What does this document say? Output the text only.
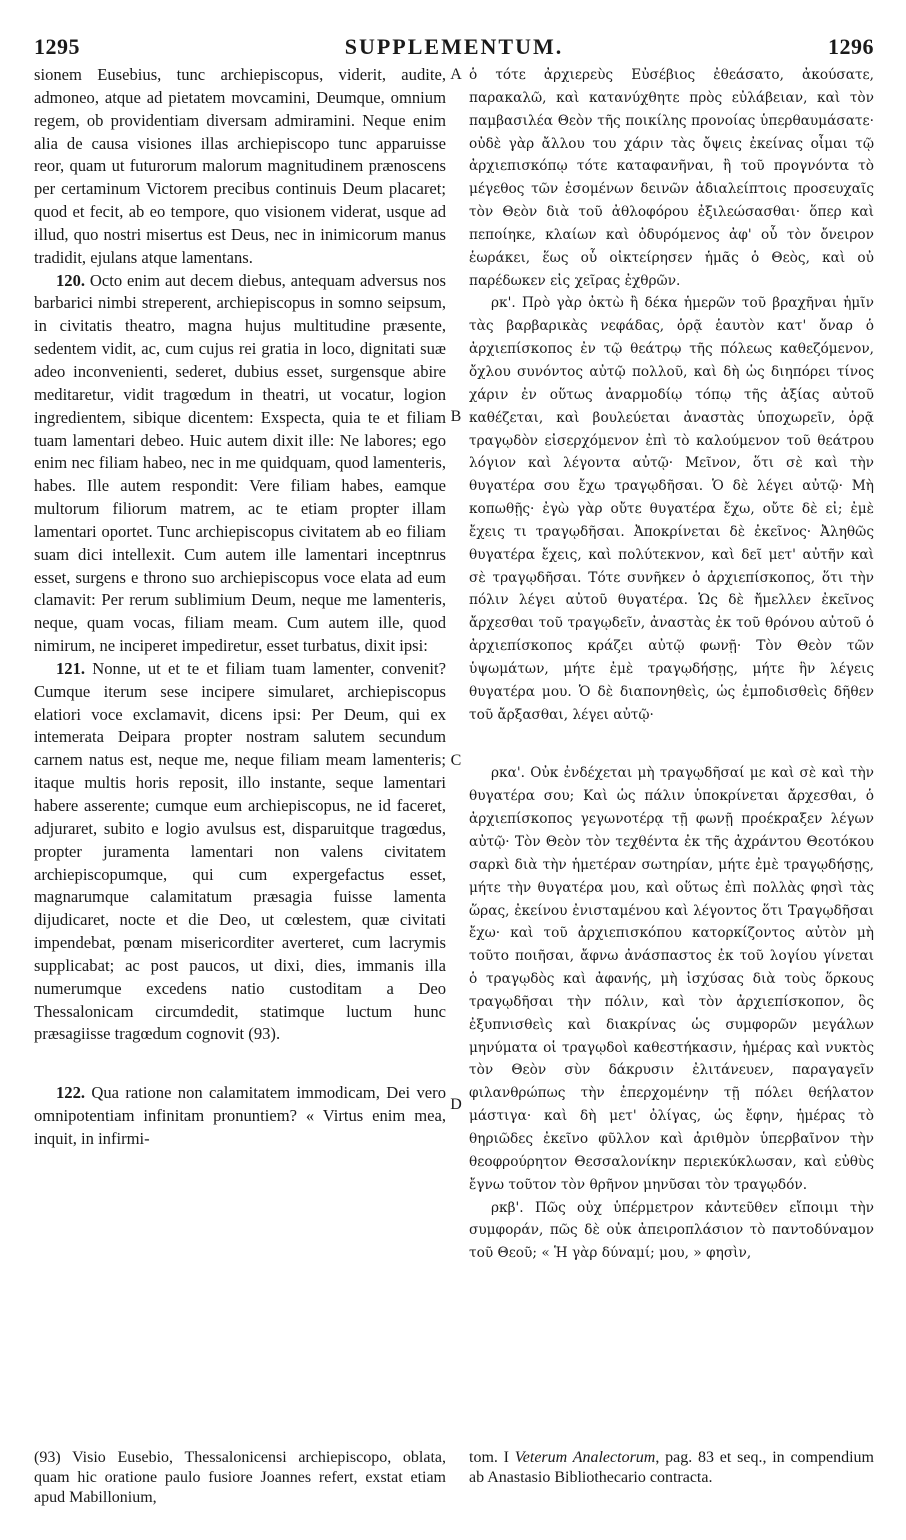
1295	SUPPLEMENTUM.	1296

sionem Eusebius, tunc archiepiscopus, viderit, audite, admoneo, atque ad pietatem movcamini, Deumque, omnium regem, ob providentiam diversam admiramini. Neque enim alia de causa visiones illas archiepiscopo tunc apparuisse reor, quam ut futurorum malorum magnitudinem prænoscens per certaminum Victorem precibus continuis Deum placaret; quod et fecit, ab eo tempore, quo visionem viderat, usque ad illud, quo nostri misertus est Deus, nec in inimicorum manus tradidit, ejulans atque lamentans.

120. Octo enim aut decem diebus, antequam adversus nos barbarici nimbi streperent, archiepiscopus in somno seipsum, in civitatis theatro, magna hujus multitudine præsente, sedentem vidit, ac, cum cujus rei gratia in loco, dignitati suæ adeo inconvenienti, sederet, dubius esset, surgensque abire meditaretur, vidit tragœdum in theatri, ut vocatur, logion ingredientem, sibique dicentem: Exspecta, quia te et filiam tuam lamentari debeo. Huic autem dixit ille: Ne labores; ego enim nec filiam habeo, nec in me quidquam, quod lamenteris, habes. Ille autem respondit: Vere filiam habes, eamque multorum filiorum matrem, ac te etiam propter illam lamentari oportet. Tunc archiepiscopus civitatem ab eo filiam suam dici intellexit. Cum autem ille lamentari inceptnrus esset, surgens e throno suo archiepiscopus voce elata ad eum clamavit: Per rerum sublimium Deum, neque me lamenteris, neque, quam vocas, filiam meam. Cum autem ille, quod nimirum, ne inciperet impediretur, esset turbatus, dixit ipsi:

121. Nonne, ut et te et filiam tuam lamenter, convenit? Cumque iterum sese incipere simularet, archiepiscopus elatiori voce exclamavit, dicens ipsi: Per Deum, qui ex intemerata Deipara propter nostram salutem secundum carnem natus est, neque me, neque filiam meam lamenteris; itaque multis horis reposit, illo instante, seque lamentari habere asserente; cumque eum archiepiscopus, ne id faceret, adjuraret, subito e logio avulsus est, disparuitque tragœdus, propter juramenta lamentari non valens civitatem archiepiscopumque, qui cum expergefactus esset, magnarumque calamitatum præsagia fuisse lamenta dijudicaret, nocte et die Deo, ut cœlestem, quæ civitati impendebat, pœnam misericorditer averteret, cum lacrymis supplicabat; ac post paucos, ut dixi, dies, immanis illa numerumque excedens natio custoditam a Deo Thessalonicam circumdedit, statimque luctum hunc præsagiisse tragœdum cognovit (93).

122. Qua ratione non calamitatem immodicam, Dei vero omnipotentiam infinitam pronuntiem? « Virtus enim mea, inquit, in infirmi-

A
B
C
D

ὁ τότε ἀρχιερεὺς Εὐσέβιος ἐθεάσατο, ἀκούσατε, παρακαλῶ, καὶ κατανύχθητε πρὸς εὐλάβειαν, καὶ τὸν παμβασιλέα Θεὸν τῆς ποικίλης προνοίας ὑπερθαυμάσατε· οὐδὲ γὰρ ἄλλου του χάριν τὰς ὄψεις ἐκείνας οἶμαι τῷ ἀρχιεπισκόπῳ τότε καταφανῆναι, ἢ τοῦ προγνόντα τὸ μέγεθος τῶν ἐσομένων δεινῶν ἀδιαλείπτοις προσευχαῖς τὸν Θεὸν διὰ τοῦ ἀθλοφόρου ἐξιλεώσασθαι· ὅπερ καὶ πεποίηκε, κλαίων καὶ ὀδυρόμενος ἀφ' οὗ τὸν ὄνειρον ἑωράκει, ἕως οὗ οἰκτείρησεν ἡμᾶς ὁ Θεὸς, καὶ οὐ παρέδωκεν εἰς χεῖρας ἐχθρῶν.

ρκ'. Πρὸ γὰρ ὀκτὼ ἢ δέκα ἡμερῶν τοῦ βραχῆναι ἡμῖν τὰς βαρβαρικὰς νεφάδας, ὁρᾷ ἑαυτὸν κατ' ὄναρ ὁ ἀρχιεπίσκοπος ἐν τῷ θεάτρῳ τῆς πόλεως καθεζόμενον, ὄχλου συνόντος αὐτῷ πολλοῦ, καὶ δὴ ὡς διηπόρει τίνος χάριν ἐν οὕτως ἀναρμοδίῳ τόπῳ τῆς ἀξίας αὐτοῦ καθέζεται, καὶ βουλεύεται ἀναστὰς ὑποχωρεῖν, ὁρᾷ τραγῳδὸν εἰσερχόμενον ἐπὶ τὸ καλούμενον τοῦ θεάτρου λόγιον καὶ λέγοντα αὐτῷ· Μεῖνον, ὅτι σὲ καὶ τὴν θυγατέρα σου ἔχω τραγῳδῆσαι. Ὁ δὲ λέγει αὐτῷ· Μὴ κοπωθῇς· ἐγὼ γὰρ οὔτε θυγατέρα ἔχω, οὔτε δὲ εἰ; ἐμὲ ἔχεις τι τραγῳδῆσαι. Ἀποκρίνεται δὲ ἐκεῖνος· Ἀληθῶς θυγατέρα ἔχεις, καὶ πολύτεκνον, καὶ δεῖ μετ' αὐτῆν καὶ σὲ τραγῳδῆσαι. Τότε συνῆκεν ὁ ἀρχιεπίσκοπος, ὅτι τὴν πόλιν λέγει αὐτοῦ θυγατέρα. Ὡς δὲ ἤμελλεν ἐκεῖνος ἄρχεσθαι τοῦ τραγῳδεῖν, ἀναστὰς ἐκ τοῦ θρόνου αὐτοῦ ὁ ἀρχιεπίσκοπος κράζει αὐτῷ φωνῇ· Τὸν Θεὸν τῶν ὑψωμάτων, μήτε ἐμὲ τραγῳδήσῃς, μήτε ἣν λέγεις θυγατέρα μου. Ὁ δὲ διαπονηθεὶς, ὡς ἐμποδισθεὶς δῆθεν τοῦ ἄρξασθαι, λέγει αὐτῷ·

ρκα'. Οὐκ ἐνδέχεται μὴ τραγῳδῆσαί με καὶ σὲ καὶ τὴν θυγατέρα σου; Καὶ ὡς πάλιν ὑποκρίνεται ἄρχεσθαι, ὁ ἀρχιεπίσκοπος γεγωνοτέρᾳ τῇ φωνῇ προέκραξεν λέγων αὐτῷ· Τὸν Θεὸν τὸν τεχθέντα ἐκ τῆς ἀχράντου Θεοτόκου σαρκὶ διὰ τὴν ἡμετέραν σωτηρίαν, μήτε ἐμὲ τραγῳδήσῃς, μήτε τὴν θυγατέρα μου, καὶ οὕτως ἐπὶ πολλὰς φησὶ τὰς ὥρας, ἐκείνου ἐνισταμένου καὶ λέγοντος ὅτι Τραγῳδῆσαι ἔχω· καὶ τοῦ ἀρχιεπισκόπου κατορκίζοντος αὐτὸν μὴ τοῦτο ποιῆσαι, ἄφνω ἀνάσπαστος ἐκ τοῦ λογίου γίνεται ὁ τραγῳδὸς καὶ ἀφανής, μὴ ἰσχύσας διὰ τοὺς ὅρκους τραγῳδῆσαι τὴν πόλιν, καὶ τὸν ἀρχιεπίσκοπον, ὃς ἐξυπνισθεὶς καὶ διακρίνας ὡς συμφορῶν μεγάλων μηνύματα οἱ τραγῳδοὶ καθεστήκασιν, ἡμέρας καὶ νυκτὸς τὸν Θεὸν σὺν δάκρυσιν ἐλιτάνευεν, παραγαγεῖν φιλανθρώπως τὴν ἐπερχομένην τῇ πόλει θεήλατον μάστιγα· καὶ δὴ μετ' ὀλίγας, ὡς ἔφην, ἡμέρας τὸ θηριῶδες ἐκεῖνο φῦλλον καὶ ἀριθμὸν ὑπερβαῖνον τὴν θεοφρούρητον Θεσσαλονίκην περιεκύκλωσαν, καὶ εὐθὺς ἔγνω τοῦτον τὸν θρῆνον μηνῦσαι τὸν τραγῳδόν.

ρκβ'. Πῶς οὐχ ὑπέρμετρον κἀντεῦθεν εἴποιμι τὴν συμφοράν, πῶς δὲ οὐκ ἀπειροπλάσιον τὸ παντοδύναμον τοῦ Θεοῦ; « Ἡ γὰρ δύναμί; μου, » φησὶν,

(93) Visio Eusebio, Thessalonicensi archiepiscopo, oblata, quam hic oratione paulo fusiore Joannes refert, exstat etiam apud Mabillonium,
tom. I Veterum Analectorum, pag. 83 et seq., in compendium ab Anastasio Bibliothecario contracta.
